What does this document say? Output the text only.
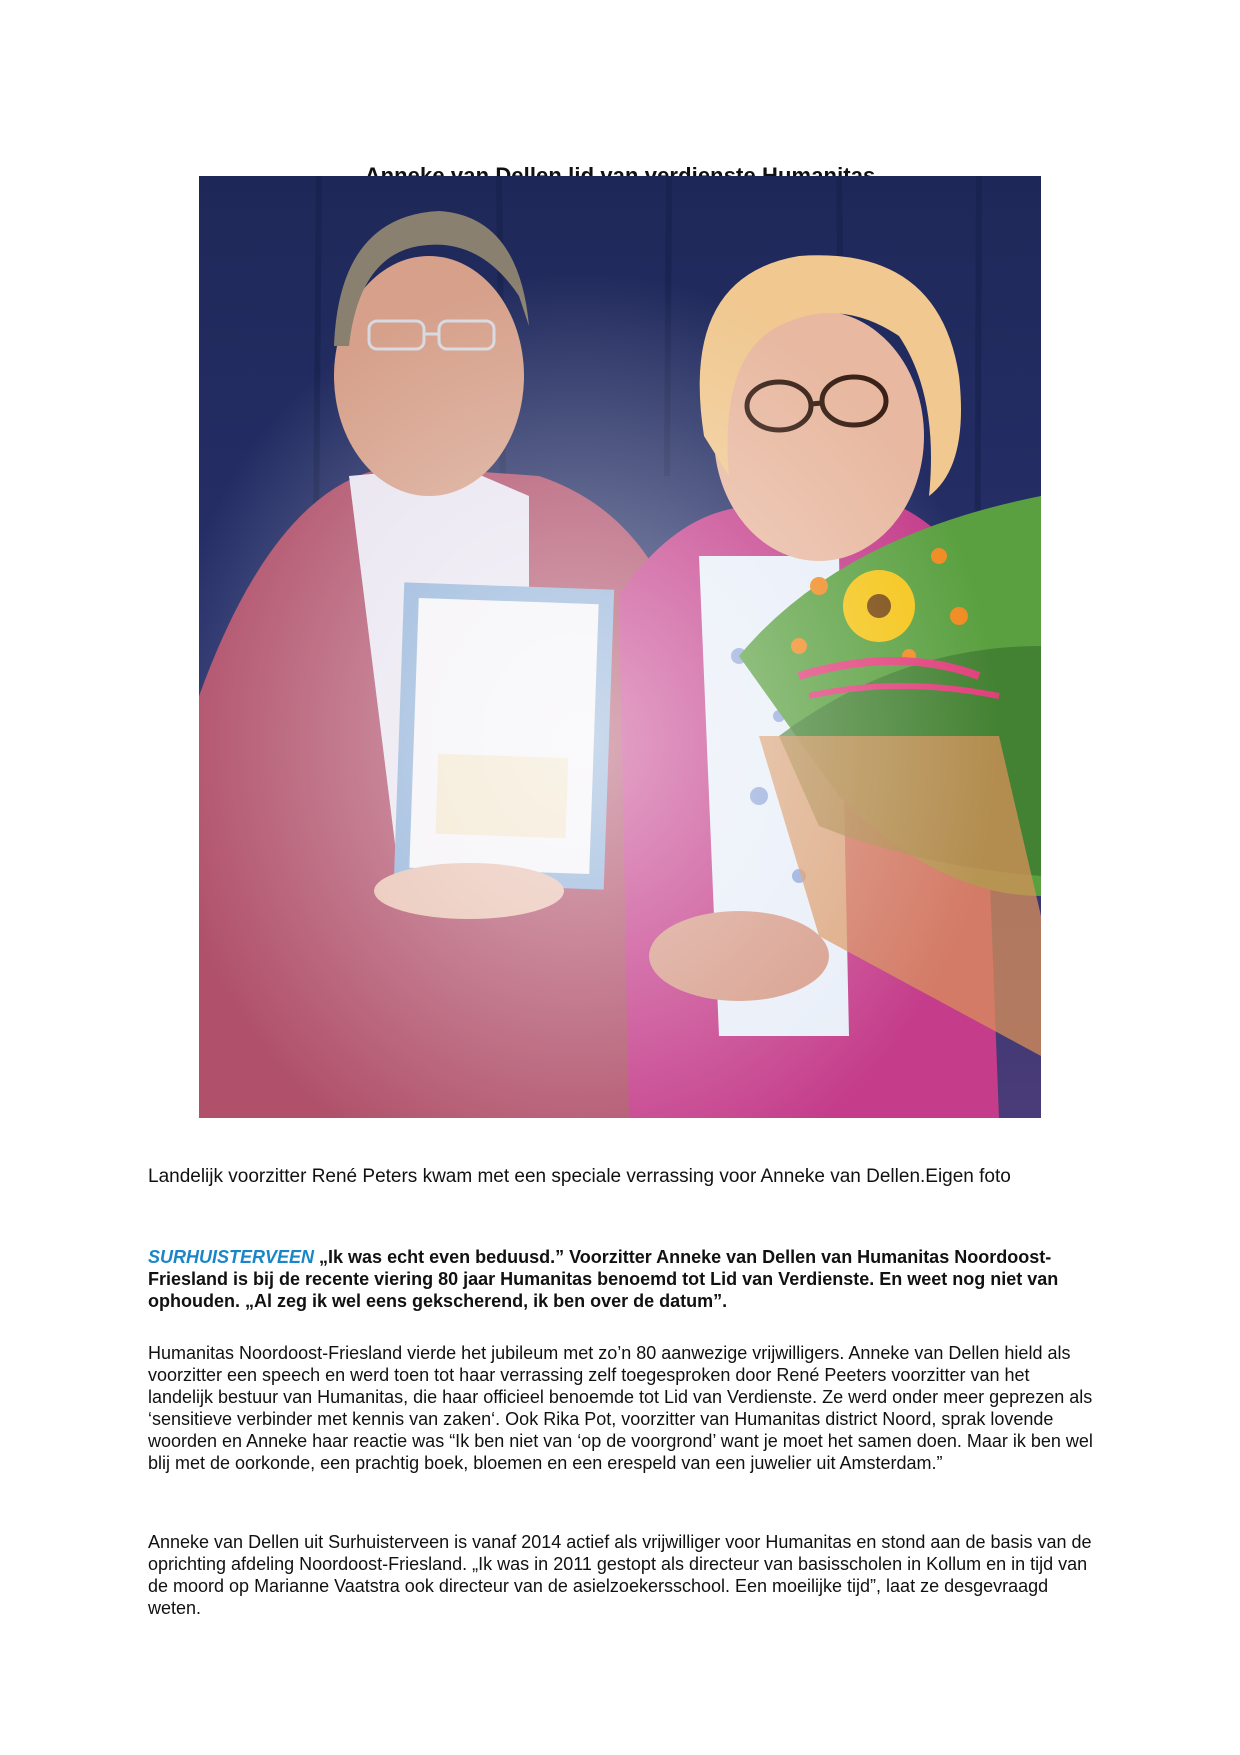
Landelijk voorzitter René Peters kwam met een speciale verrassing voor Anneke van Dellen.Eigen foto

SURHUISTERVEEN „Ik was echt even beduusd.” Voorzitter Anneke van Dellen van Humanitas Noordoost-Friesland is bij de recente viering 80 jaar Humanitas benoemd tot Lid van Verdienste. En weet nog niet van ophouden. „Al zeg ik wel eens gekscherend, ik ben over de datum”.

Humanitas Noordoost-Friesland vierde het jubileum met zo’n 80 aanwezige vrijwilligers. Anneke van Dellen hield als voorzitter een speech en werd toen tot haar verrassing zelf toegesproken door René Peeters voorzitter van het landelijk bestuur van Humanitas, die haar officieel benoemde tot Lid van Verdienste. Ze werd onder meer geprezen als ‘sensitieve verbinder met kennis van zaken‘. Ook Rika Pot, voorzitter van Humanitas district Noord, sprak lovende woorden en Anneke haar reactie was “Ik ben niet van ‘op de voorgrond’ want je moet het samen doen. Maar ik ben wel blij met de oorkonde, een prachtig boek, bloemen en een erespeld van een juwelier uit Amsterdam.”

Anneke van Dellen uit Surhuisterveen is vanaf 2014 actief als vrijwilliger voor Humanitas en stond aan de basis van de oprichting afdeling Noordoost-Friesland. „Ik was in 2011 gestopt als directeur van basisscholen in Kollum en in tijd van de moord op Marianne Vaatstra ook directeur van de asielzoekersschool. Een moeilijke tijd”, laat ze desgevraagd weten.
